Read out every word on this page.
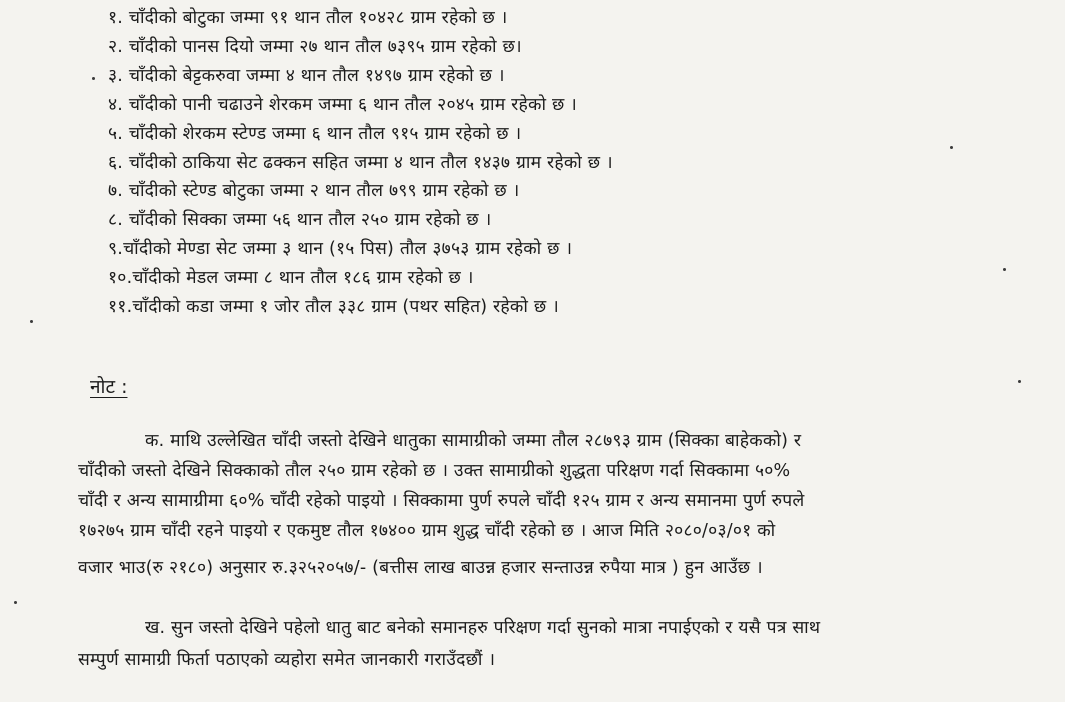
१. चाँदीको बोटुका जम्मा ९१ थान तौल १०४२८ ग्राम रहेको छ ।
२. चाँदीको पानस दियो जम्मा २७ थान तौल ७३९५ ग्राम रहेको छ।
३. चाँदीको बेट्टकरुवा जम्मा ४ थान तौल १४९७ ग्राम रहेको छ ।
४. चाँदीको पानी चढाउने शेरकम जम्मा ६ थान तौल २०४५ ग्राम रहेको छ ।
५. चाँदीको शेरकम स्टेण्ड जम्मा ६ थान तौल ९१५ ग्राम रहेको छ ।
६. चाँदीको ठाकिया सेट ढक्कन सहित जम्मा ४ थान तौल १४३७ ग्राम रहेको छ ।
७. चाँदीको स्टेण्ड बोटुका जम्मा २ थान तौल ७९९ ग्राम रहेको छ ।
८. चाँदीको सिक्का जम्मा ५६ थान तौल २५० ग्राम रहेको छ ।
९.चाँदीको मेण्डा सेट जम्मा ३ थान (१५ पिस) तौल ३७५३ ग्राम रहेको छ ।
१०.चाँदीको मेडल जम्मा ८ थान तौल १८६ ग्राम रहेको छ ।
११.चाँदीको कडा जम्मा १ जोर तौल ३३८ ग्राम (पथर सहित) रहेको छ ।
नोट :

क. माथि उल्लेखित चाँदी जस्तो देखिने धातुका सामाग्रीको जम्मा तौल २८७९३ ग्राम (सिक्का बाहेकको) र

चाँदीको जस्तो देखिने सिक्काको तौल २५० ग्राम रहेको छ । उक्त सामाग्रीको शुद्धता परिक्षण गर्दा सिक्कामा ५०%

चाँदी र अन्य सामाग्रीमा ६०% चाँदी रहेको पाइयो । सिक्कामा पुर्ण रुपले चाँदी १२५ ग्राम र अन्य समानमा पुर्ण रुपले

१७२७५ ग्राम चाँदी रहने पाइयो र एकमुष्ट तौल १७४०० ग्राम शुद्ध चाँदी रहेको छ । आज मिति २०८०/०३/०१ को

वजार भाउ(रु २१८०) अनुसार रु.३२५२०५७/- (बत्तीस लाख बाउन्न हजार सन्ताउन्न रुपैया मात्र ) हुन आउँछ ।

ख. सुन जस्तो देखिने पहेलो धातु बाट बनेको समानहरु परिक्षण गर्दा सुनको मात्रा नपाईएको र यसै पत्र साथ

सम्पुर्ण सामाग्री फिर्ता पठाएको व्यहोरा समेत जानकारी गराउँदछौं ।
